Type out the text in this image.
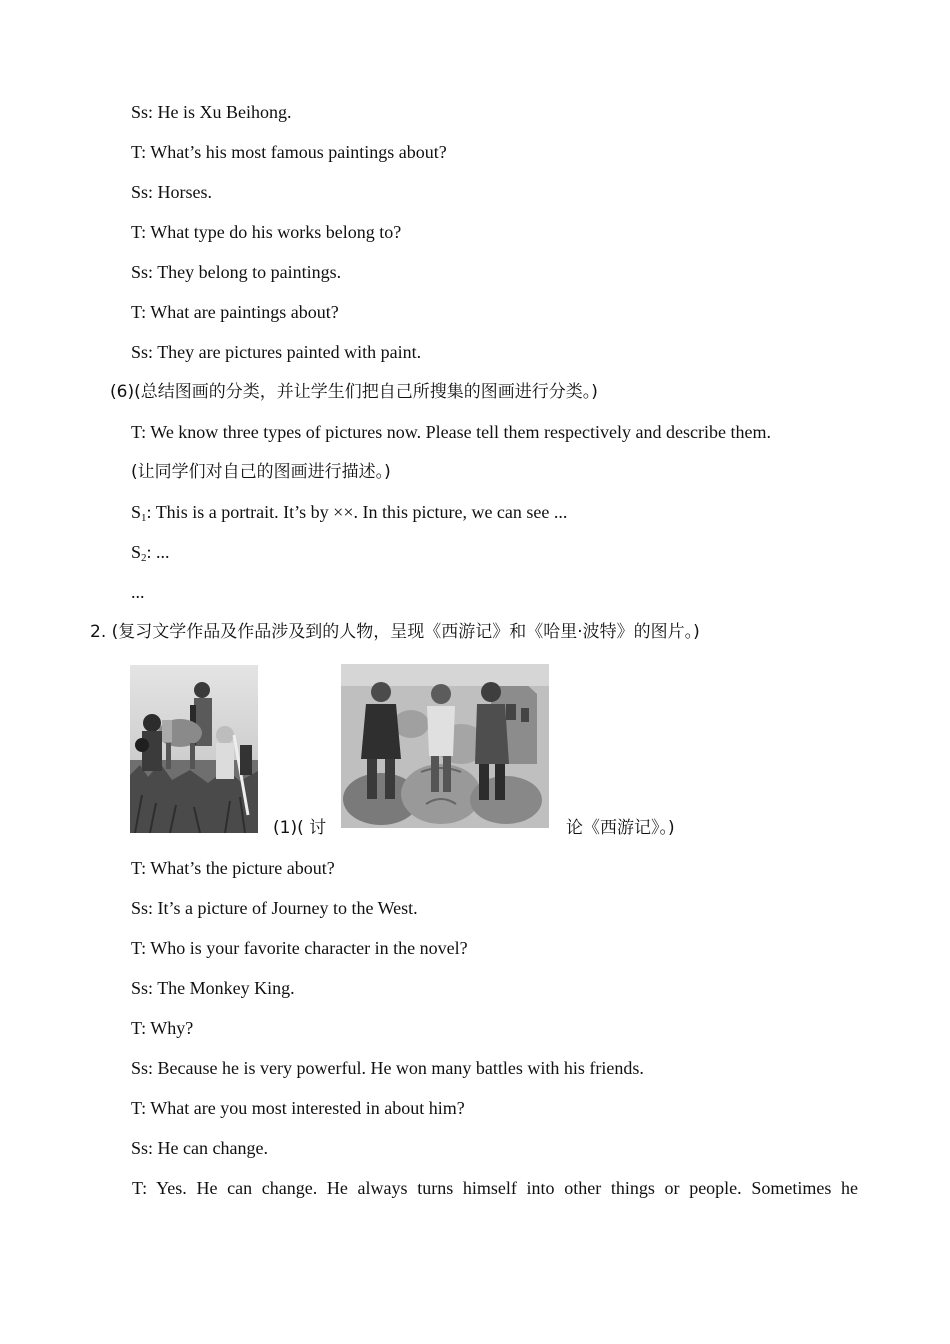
Ss: He is Xu Beihong.
T: What’s his most famous paintings about?
Ss: Horses.
T: What type do his works belong to?
Ss: They belong to paintings.
T: What are paintings about?
Ss: They are pictures painted with paint.
(6)(总结图画的分类，并让学生们把自己所搜集的图画进行分类。)
T: We know three types of pictures now. Please tell them respectively and describe them.
(让同学们对自己的图画进行描述。)
$S_1$: This is a portrait. It’s by ××. In this picture, we can see ...
$S_2$: ...
...
2. (复习文学作品及作品涉及到的人物，呈现《西游记》和《哈里·波特》的图片。)
(1)( 讨	论《西游记》。)
T: What’s the picture about?
Ss: It’s a picture of Journey to the West.
T: Who is your favorite character in the novel?
Ss: The Monkey King.
T: Why?
Ss: Because he is very powerful. He won many battles with his friends.
T: What are you most interested in about him?
Ss: He can change.
T: Yes. He can change. He always turns himself into other things or people. Sometimes he
